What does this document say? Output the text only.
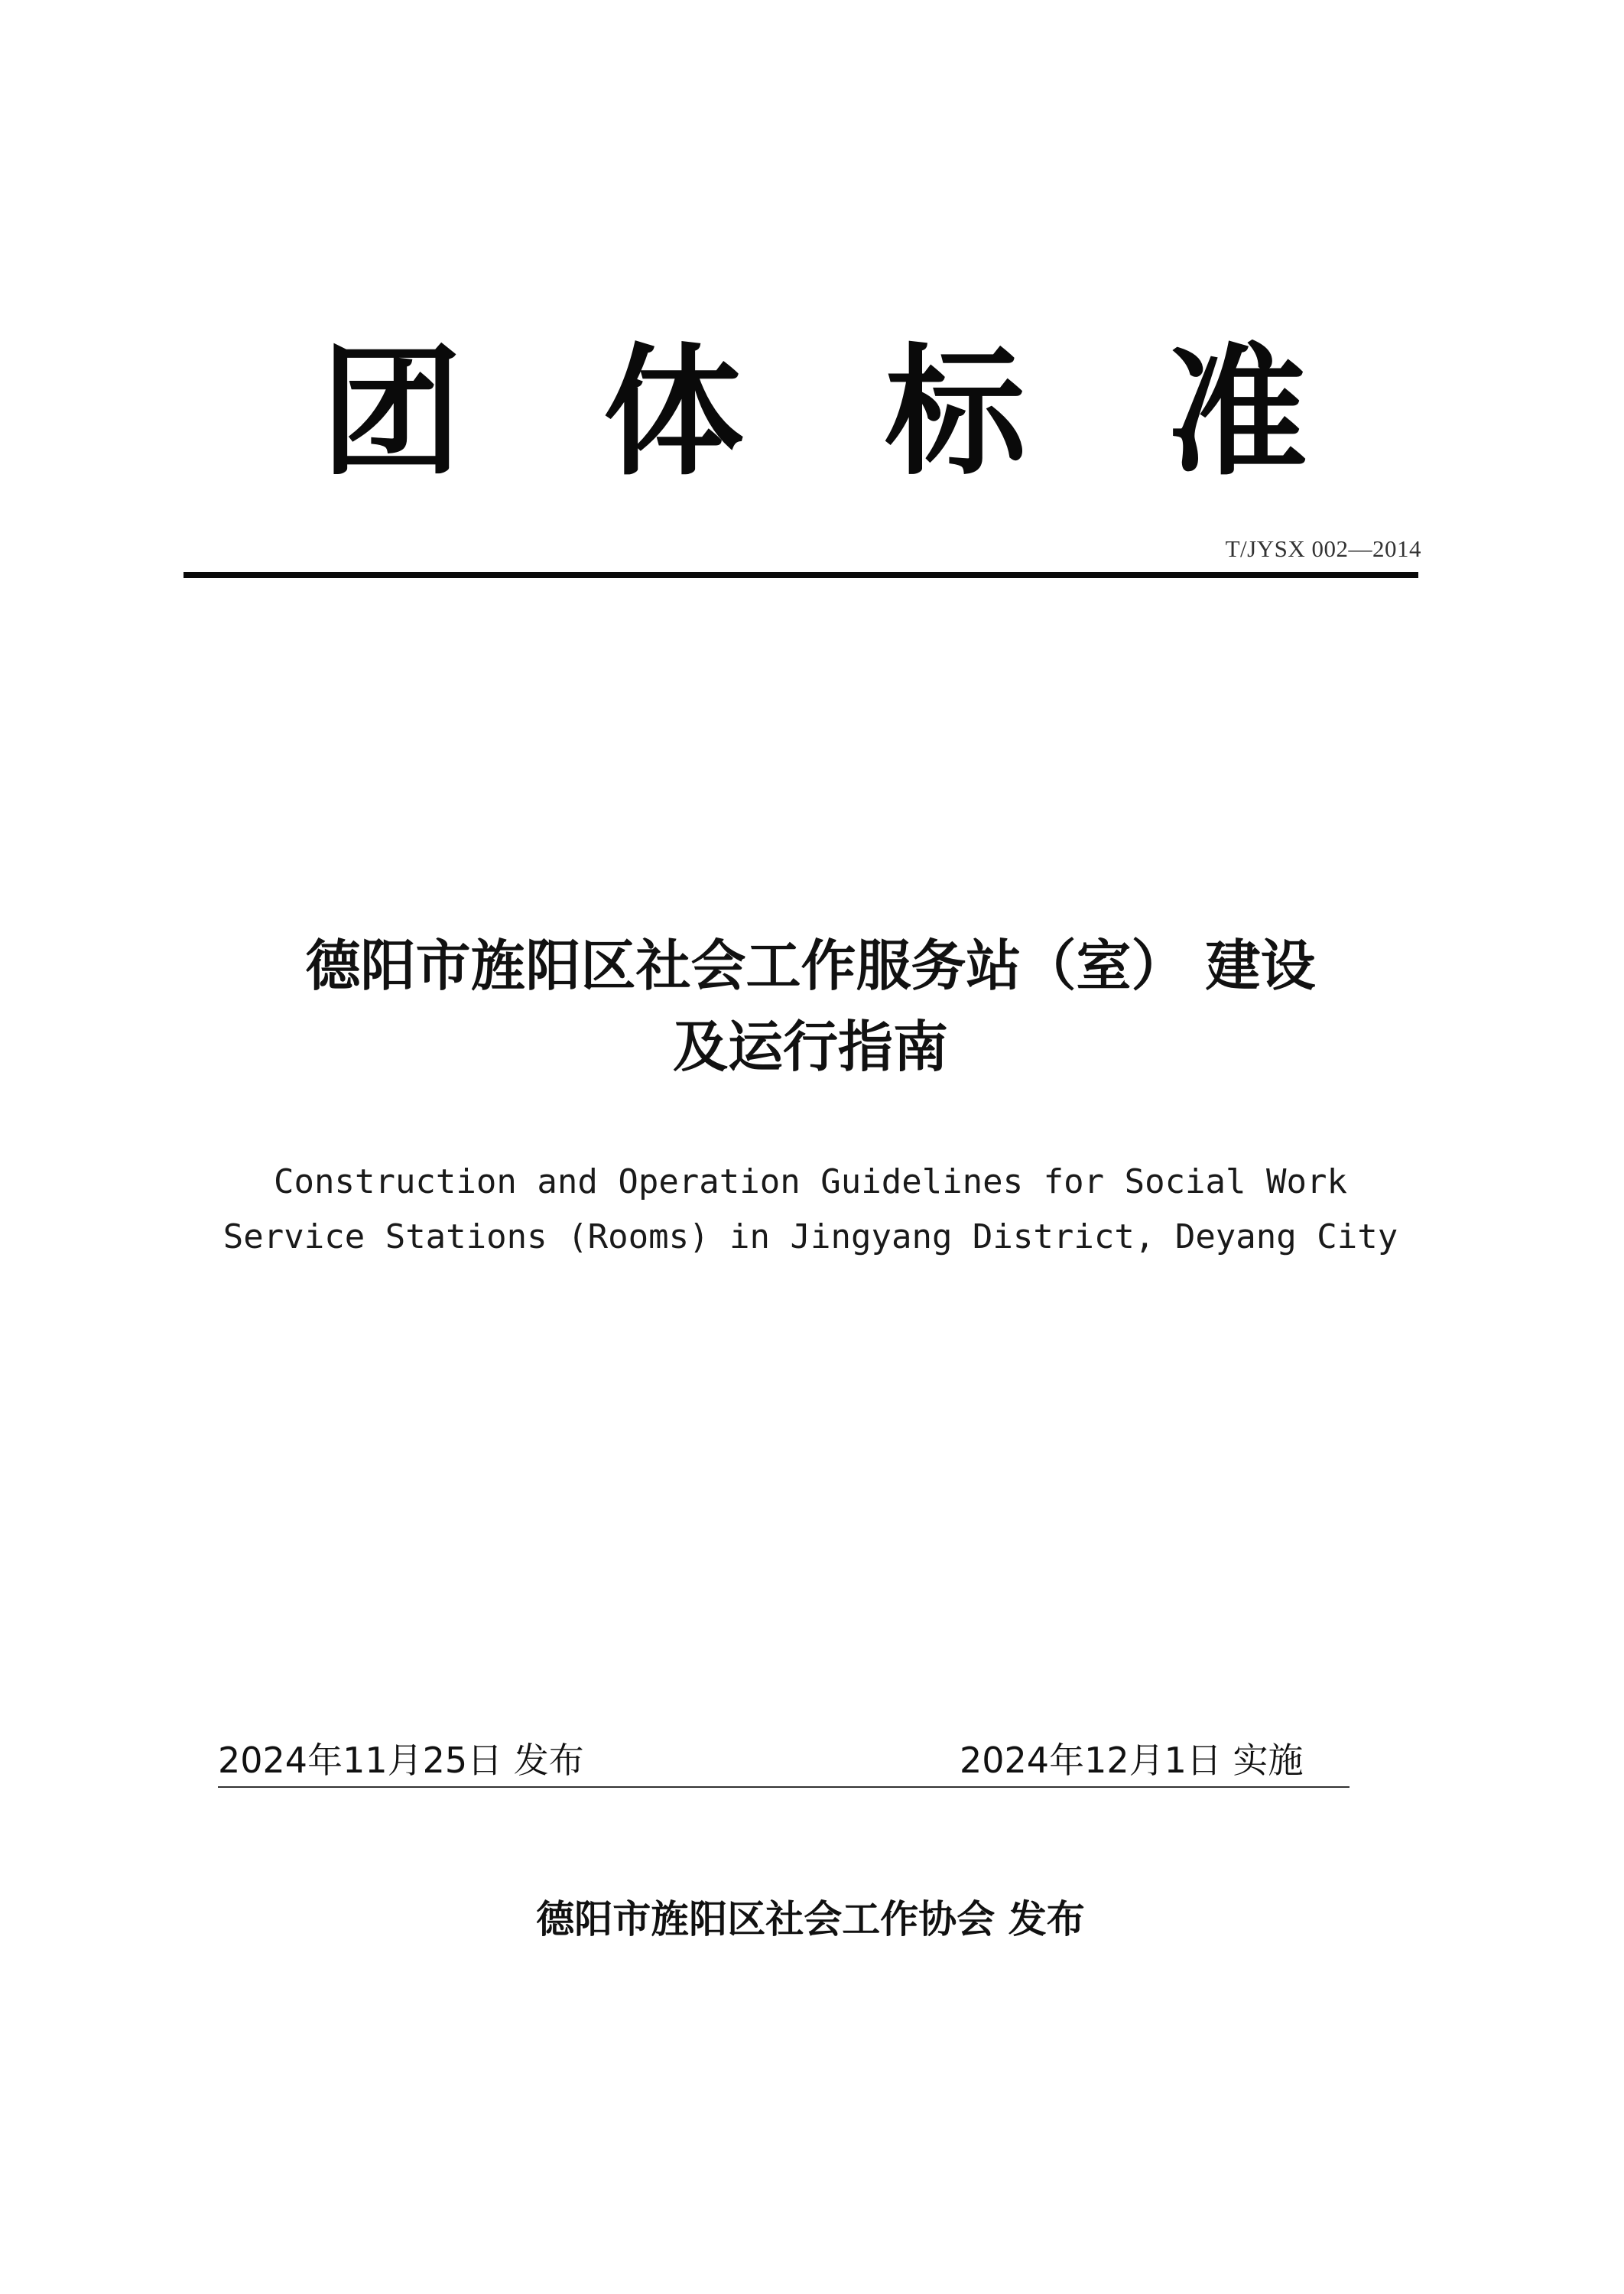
团 体 标 准
T/JYSX 002—2014
德阳市旌阳区社会工作服务站（室） 建设
及运行指南
Construction and Operation Guidelines for Social Work
Service Stations (Rooms) in Jingyang District, Deyang City
2024年11月25日 发布	2024年12月1日 实施
德阳市旌阳区社会工作协会 发布
